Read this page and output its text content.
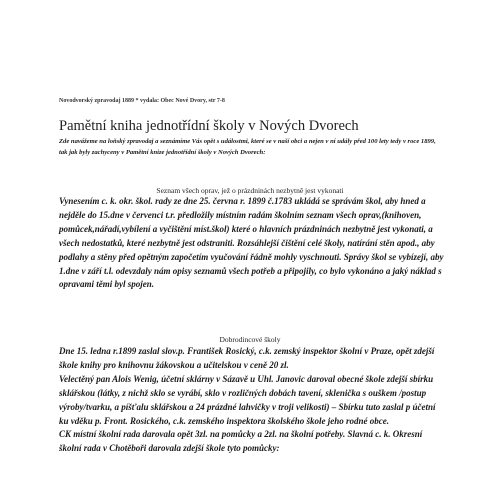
Novodvorský zpravodaj 1889 * vydala: Obec Nové Dvory, str 7-8
Pamětní kniha jednotřídní školy v Nových Dvorech

Zde navážeme na loňský zpravodaj a seznámíme Vás opět s událostmi, které se v naší obci a nejen v ní udály před 100 lety tedy v roce 1899, tak jak byly zachyceny v Pamětní knize jednotřídní školy v Nových Dvorech:

Seznam všech oprav, jež o prázdninách nezbytně jest vykonati

Vynesením c. k. okr. škol. rady ze dne 25. června r. 1899 č.1783 ukládá se správám škol, aby hned a nejděle do 15.dne v červenci t.r. předložily místním radám školním seznam všech oprav,(knihoven, pomůcek,nářadí,vybílení a vyčištění míst.škol) které o hlavních prázdninách nezbytně jest vykonati, a všech nedostatků, které nezbytně jest odstraniti. Rozsáhlejší čištění celé školy, natírání stěn apod., aby podlahy a stěny před opětným započetím vyučování řádně mohly vyschnouti. Správy škol se vybízejí, aby 1.dne v září t.l. odevzdaly nám opisy seznamů všech potřeb a připojily, co bylo vykonáno a jaký náklad s opravami těmi byl spojen.

Dobrodincové školy

Dne 15. ledna r.1899 zaslal slov.p. František Rosický, c.k. zemský inspektor školní v Praze, opět zdejší škole knihy pro knihovnu žákovskou a učitelskou v ceně 20 zl.

Velectěný pan Alois Wenig, účetní sklárny v Sázavě u Uhl. Janovic daroval obecné škole zdejší sbírku sklářskou (látky, z nichž sklo se vyrábí, sklo v rozličných dobách tavení, sklenička s ouškem /postup výroby/tvarku, a píšťalu sklářskou a 24 prázdné lahvičky v troji velikosti) – Sbírku tuto zaslal p účetní ku vděku p. Front. Rosického, c.k. zemského inspektora školského škole jeho rodné obce.

CK místní školní rada darovala opět 3zl. na pomůcky a 2zl. na školní potřeby. Slavná c. k. Okresní školní rada v Chotěboři darovala zdejší škole tyto pomůcky:
